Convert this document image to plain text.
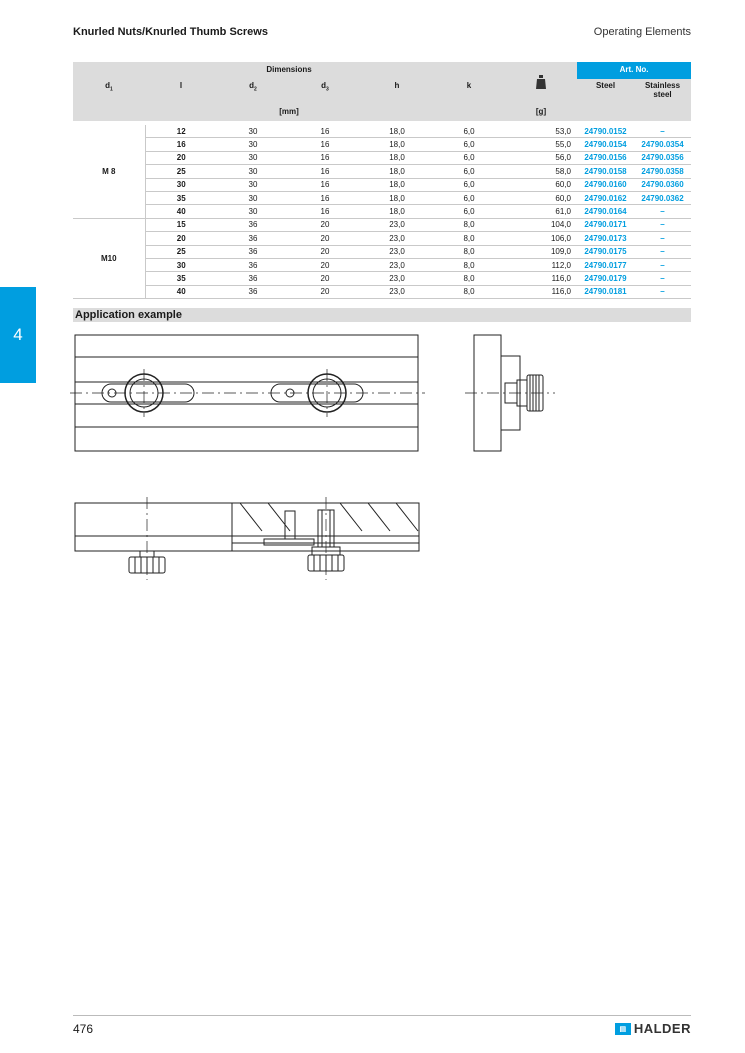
Knurled Nuts/Knurled Thumb Screws	Operating Elements
4
Dimensions							Art. No.	
$d_1$	l	$d_2$	$d_3$	h	k		Steel	Stainless steel
[mm]						[g]		

M 8	12	30	16	18,0	6,0	53,0	24790.0152	–
	16	30	16	18,0	6,0	55,0	24790.0154	24790.0354
	20	30	16	18,0	6,0	56,0	24790.0156	24790.0356
	25	30	16	18,0	6,0	58,0	24790.0158	24790.0358
	30	30	16	18,0	6,0	60,0	24790.0160	24790.0360
	35	30	16	18,0	6,0	60,0	24790.0162	24790.0362
	40	30	16	18,0	6,0	61,0	24790.0164	–
M10	15	36	20	23,0	8,0	104,0	24790.0171	–
	20	36	20	23,0	8,0	106,0	24790.0173	–
	25	36	20	23,0	8,0	109,0	24790.0175	–
	30	36	20	23,0	8,0	112,0	24790.0177	–
	35	36	20	23,0	8,0	116,0	24790.0179	–
	40	36	20	23,0	8,0	116,0	24790.0181	–
Application example
476	▤ HALDER
